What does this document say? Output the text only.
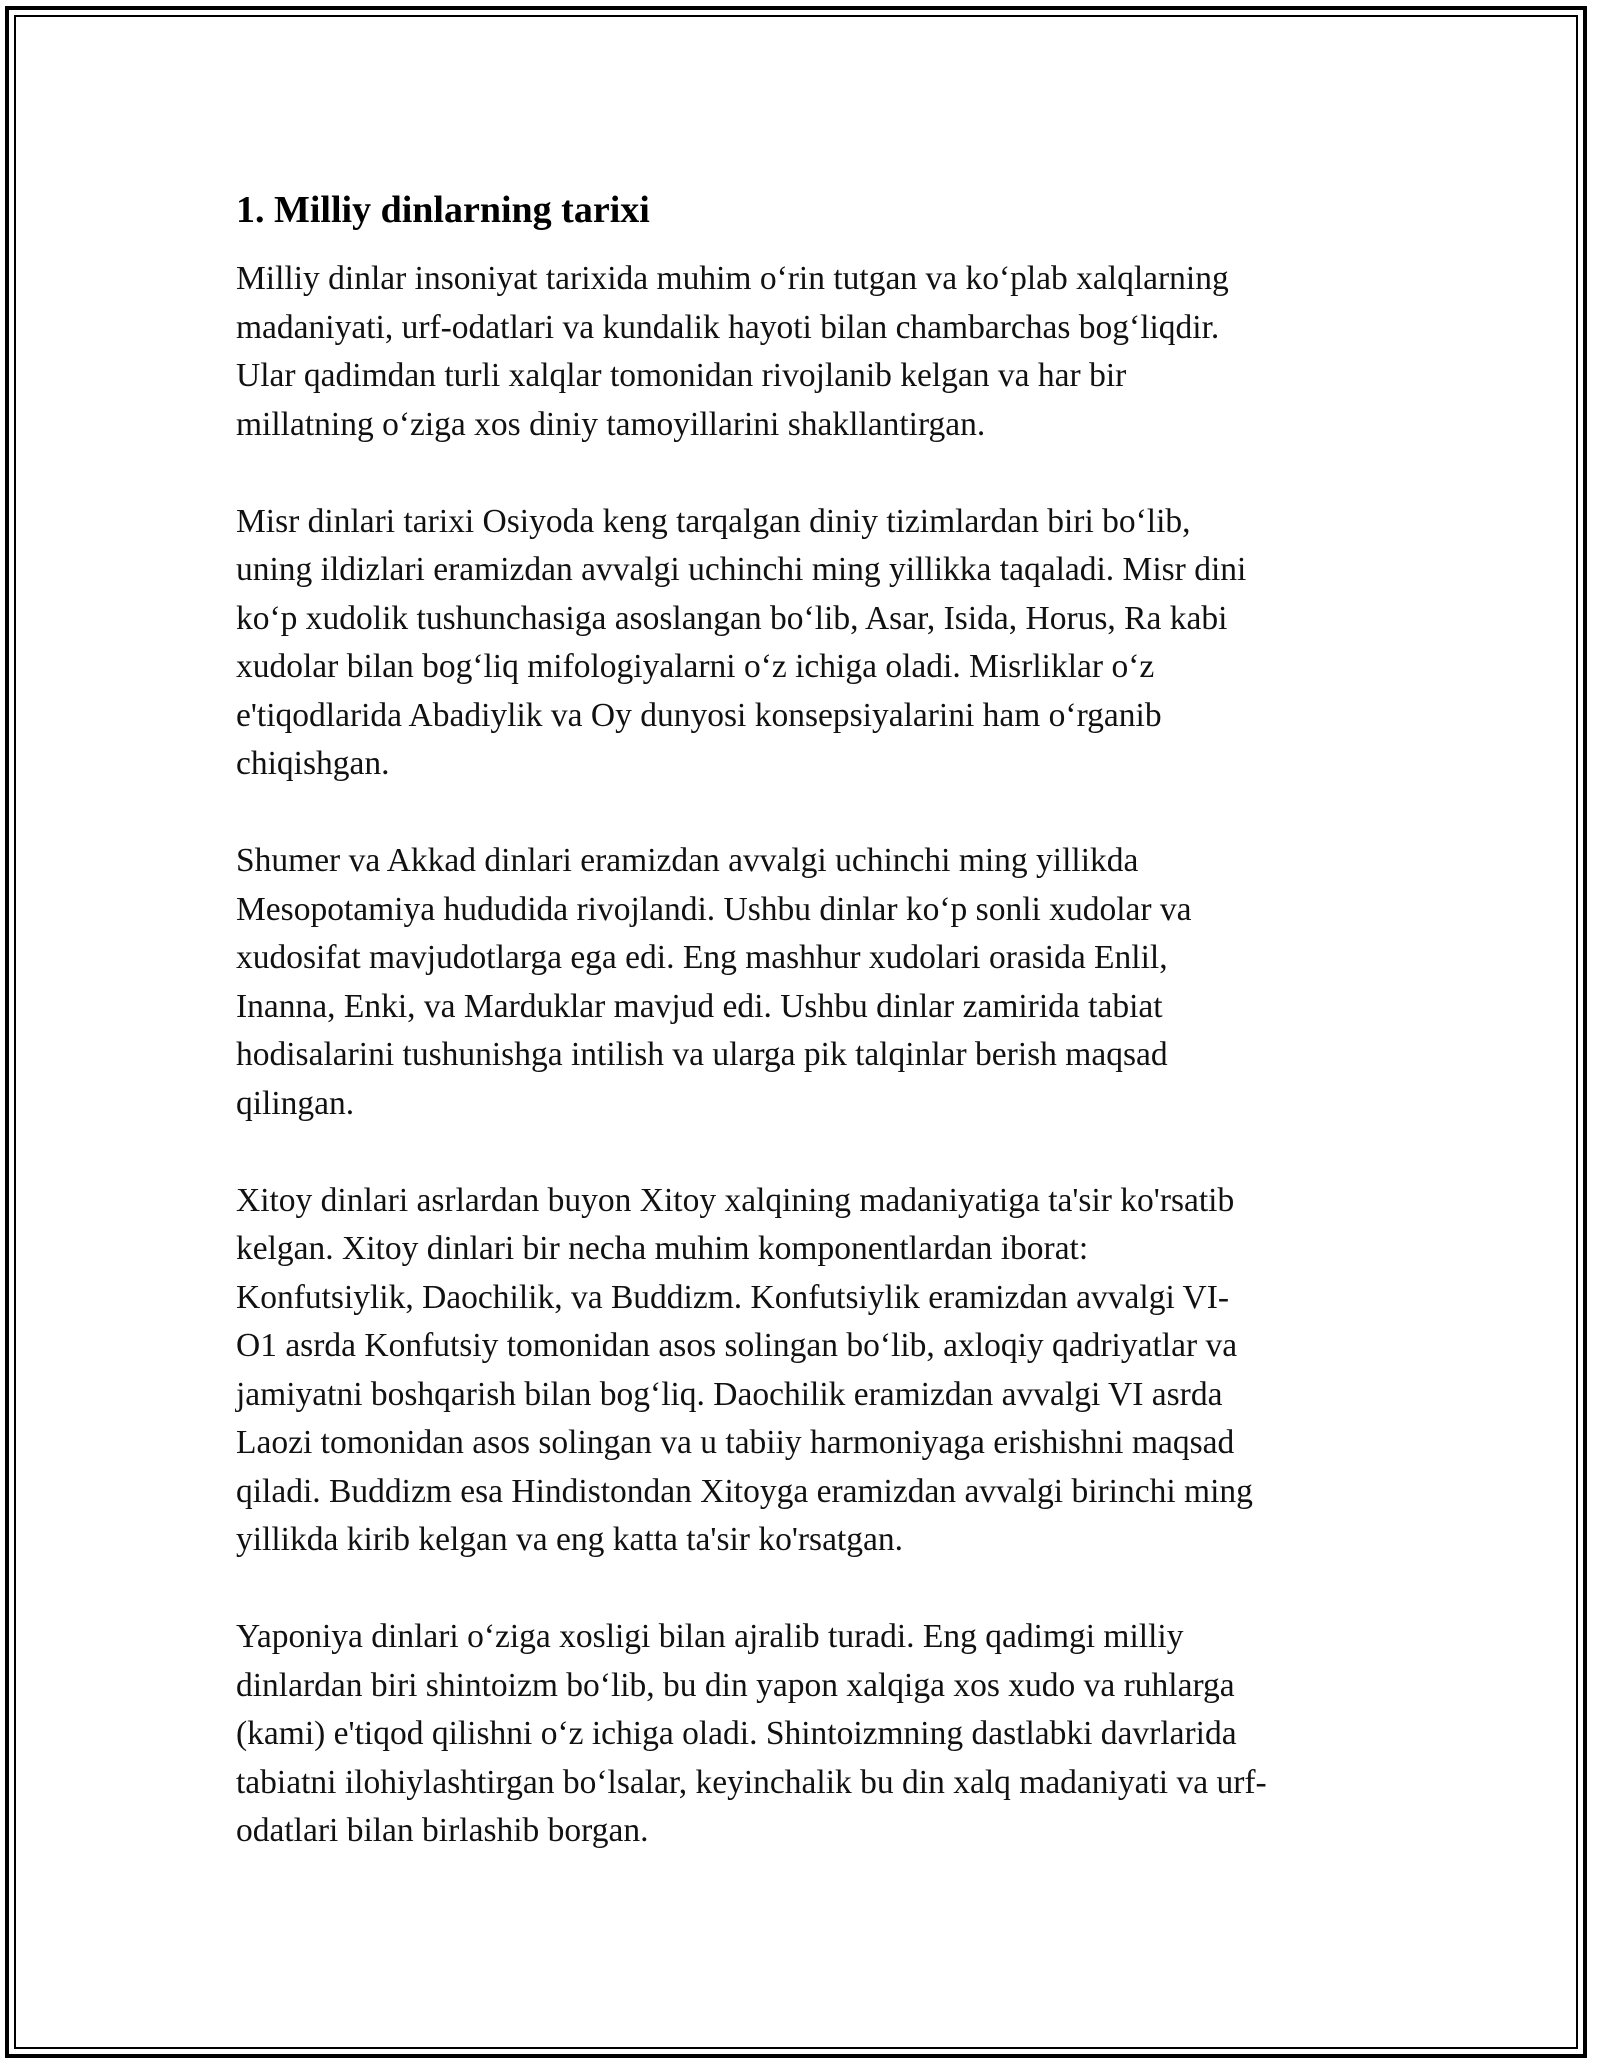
1. Milliy dinlarning tarixi

Milliy dinlar insoniyat tarixida muhim o‘rin tutgan va ko‘plab xalqlarning
madaniyati, urf-odatlari va kundalik hayoti bilan chambarchas bog‘liqdir.
Ular qadimdan turli xalqlar tomonidan rivojlanib kelgan va har bir
millatning o‘ziga xos diniy tamoyillarini shakllantirgan.

Misr dinlari tarixi Osiyoda keng tarqalgan diniy tizimlardan biri bo‘lib,
uning ildizlari eramizdan avvalgi uchinchi ming yillikka taqaladi. Misr dini
ko‘p xudolik tushunchasiga asoslangan bo‘lib, Asar, Isida, Horus, Ra kabi
xudolar bilan bog‘liq mifologiyalarni o‘z ichiga oladi. Misrliklar o‘z
e'tiqodlarida Abadiylik va Oy dunyosi konsepsiyalarini ham o‘rganib
chiqishgan.

Shumer va Akkad dinlari eramizdan avvalgi uchinchi ming yillikda
Mesopotamiya hududida rivojlandi. Ushbu dinlar ko‘p sonli xudolar va
xudosifat mavjudotlarga ega edi. Eng mashhur xudolari orasida Enlil,
Inanna, Enki, va Marduklar mavjud edi. Ushbu dinlar zamirida tabiat
hodisalarini tushunishga intilish va ularga pik talqinlar berish maqsad
qilingan.

Xitoy dinlari asrlardan buyon Xitoy xalqining madaniyatiga ta'sir ko'rsatib
kelgan. Xitoy dinlari bir necha muhim komponentlardan iborat:
Konfutsiylik, Daochilik, va Buddizm. Konfutsiylik eramizdan avvalgi VI-
O1 asrda Konfutsiy tomonidan asos solingan bo‘lib, axloqiy qadriyatlar va
jamiyatni boshqarish bilan bog‘liq. Daochilik eramizdan avvalgi VI asrda
Laozi tomonidan asos solingan va u tabiiy harmoniyaga erishishni maqsad
qiladi. Buddizm esa Hindistondan Xitoyga eramizdan avvalgi birinchi ming
yillikda kirib kelgan va eng katta ta'sir ko'rsatgan.

Yaponiya dinlari o‘ziga xosligi bilan ajralib turadi. Eng qadimgi milliy
dinlardan biri shintoizm bo‘lib, bu din yapon xalqiga xos xudo va ruhlarga
(kami) e'tiqod qilishni o‘z ichiga oladi. Shintoizmning dastlabki davrlarida
tabiatni ilohiylashtirgan bo‘lsalar, keyinchalik bu din xalq madaniyati va urf-
odatlari bilan birlashib borgan.
